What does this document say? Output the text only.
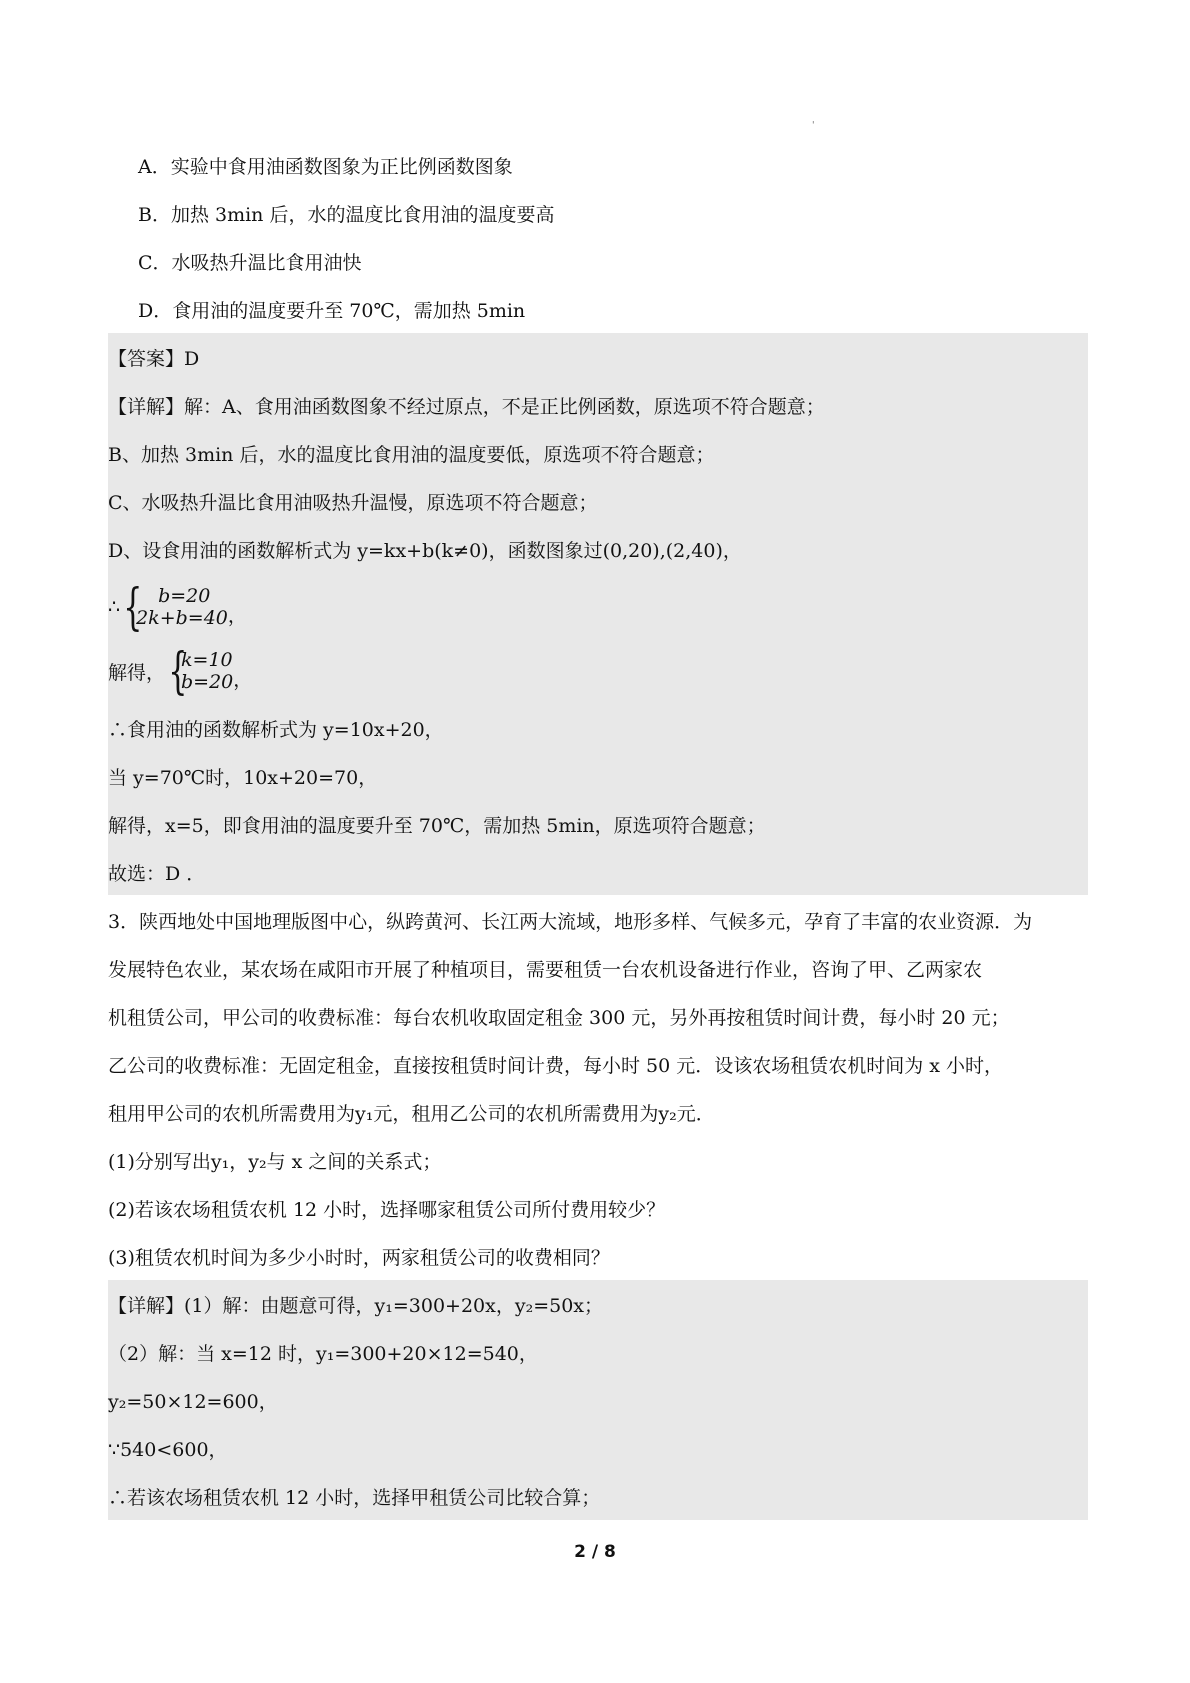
'
A．实验中食用油函数图象为正比例函数图象
B．加热 3min 后，水的温度比食用油的温度要高
C．水吸热升温比食用油快
D．食用油的温度要升至 70℃，需加热 5min
【答案】D
【详解】解：A、食用油函数图象不经过原点，不是正比例函数，原选项不符合题意；
B、加热 3min 后，水的温度比食用油的温度要低，原选项不符合题意；
C、水吸热升温比食用油吸热升温慢，原选项不符合题意；
D、设食用油的函数解析式为 y=kx+b(k≠0)，函数图象过(0,20),(2,40)，
∴ { b=20
2k+b=40 ，
解得， {
k=10
b=20 ，
∴食用油的函数解析式为 y=10x+20，
当 y=70℃时，10x+20=70，
解得，x=5，即食用油的温度要升至 70℃，需加热 5min，原选项符合题意；
故选：D ．
3．陕西地处中国地理版图中心，纵跨黄河、长江两大流域，地形多样、气候多元，孕育了丰富的农业资源．为
发展特色农业，某农场在咸阳市开展了种植项目，需要租赁一台农机设备进行作业，咨询了甲、乙两家农
机租赁公司，甲公司的收费标准：每台农机收取固定租金 300 元，另外再按租赁时间计费，每小时 20 元；
乙公司的收费标准：无固定租金，直接按租赁时间计费，每小时 50 元．设该农场租赁农机时间为 x 小时，
租用甲公司的农机所需费用为y₁元，租用乙公司的农机所需费用为y₂元．
(1)分别写出y₁，y₂与 x 之间的关系式；
(2)若该农场租赁农机 12 小时，选择哪家租赁公司所付费用较少？
(3)租赁农机时间为多少小时时，两家租赁公司的收费相同？
【详解】(1）解：由题意可得，y₁=300+20x，y₂=50x；
（2）解：当 x=12 时，y₁=300+20×12=540，
y₂=50×12=600，
∵540<600，
∴若该农场租赁农机 12 小时，选择甲租赁公司比较合算；
2 / 8
